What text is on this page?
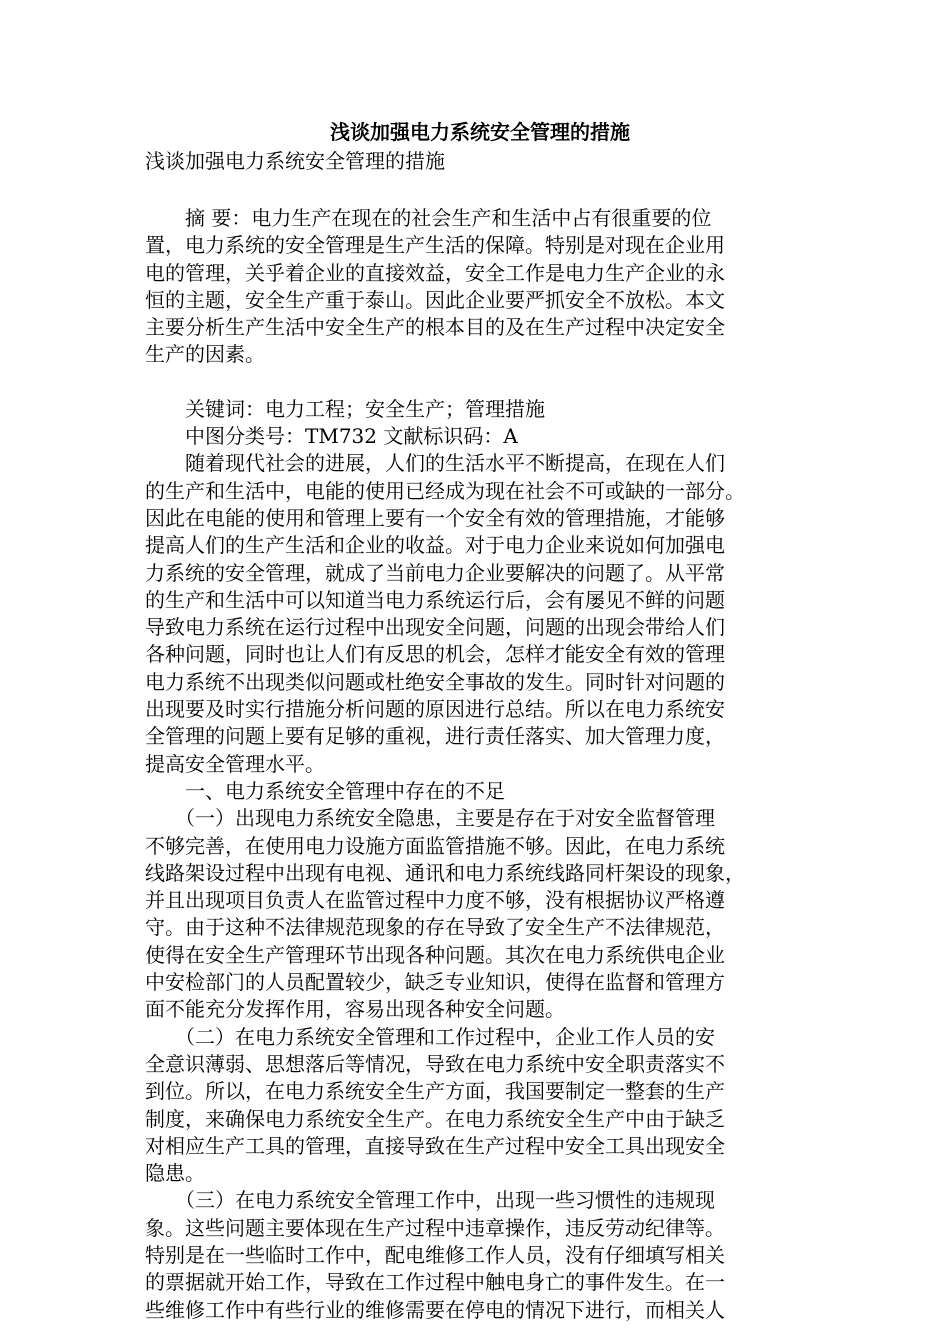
浅谈加强电力系统安全管理的措施

浅谈加强电力系统安全管理的措施

　　摘 要：电力生产在现在的社会生产和生活中占有很重要的位

置，电力系统的安全管理是生产生活的保障。特别是对现在企业用

电的管理，关乎着企业的直接效益，安全工作是电力生产企业的永

恒的主题，安全生产重于泰山。因此企业要严抓安全不放松。本文

主要分析生产生活中安全生产的根本目的及在生产过程中决定安全

生产的因素。

　　关键词：电力工程；安全生产；管理措施

　　中图分类号：TM732 文献标识码：A

　　随着现代社会的进展，人们的生活水平不断提高，在现在人们

的生产和生活中，电能的使用已经成为现在社会不可或缺的一部分。

因此在电能的使用和管理上要有一个安全有效的管理措施，才能够

提高人们的生产生活和企业的收益。对于电力企业来说如何加强电

力系统的安全管理，就成了当前电力企业要解决的问题了。从平常

的生产和生活中可以知道当电力系统运行后，会有屡见不鲜的问题

导致电力系统在运行过程中出现安全问题，问题的出现会带给人们

各种问题，同时也让人们有反思的机会，怎样才能安全有效的管理

电力系统不出现类似问题或杜绝安全事故的发生。同时针对问题的

出现要及时实行措施分析问题的原因进行总结。所以在电力系统安

全管理的问题上要有足够的重视，进行责任落实、加大管理力度，

提高安全管理水平。

　　一、电力系统安全管理中存在的不足

　　（一）出现电力系统安全隐患，主要是存在于对安全监督管理

不够完善，在使用电力设施方面监管措施不够。因此，在电力系统

线路架设过程中出现有电视、通讯和电力系统线路同杆架设的现象，

并且出现项目负责人在监管过程中力度不够，没有根据协议严格遵

守。由于这种不法律规范现象的存在导致了安全生产不法律规范，

使得在安全生产管理环节出现各种问题。其次在电力系统供电企业

中安检部门的人员配置较少，缺乏专业知识，使得在监督和管理方

面不能充分发挥作用，容易出现各种安全问题。

　　（二）在电力系统安全管理和工作过程中，企业工作人员的安

全意识薄弱、思想落后等情况，导致在电力系统中安全职责落实不

到位。所以，在电力系统安全生产方面，我国要制定一整套的生产

制度，来确保电力系统安全生产。在电力系统安全生产中由于缺乏

对相应生产工具的管理，直接导致在生产过程中安全工具出现安全

隐患。

　　（三）在电力系统安全管理工作中，出现一些习惯性的违规现

象。这些问题主要体现在生产过程中违章操作，违反劳动纪律等。

特别是在一些临时工作中，配电维修工作人员，没有仔细填写相关

的票据就开始工作，导致在工作过程中触电身亡的事件发生。在一

些维修工作中有些行业的维修需要在停电的情况下进行，而相关人
